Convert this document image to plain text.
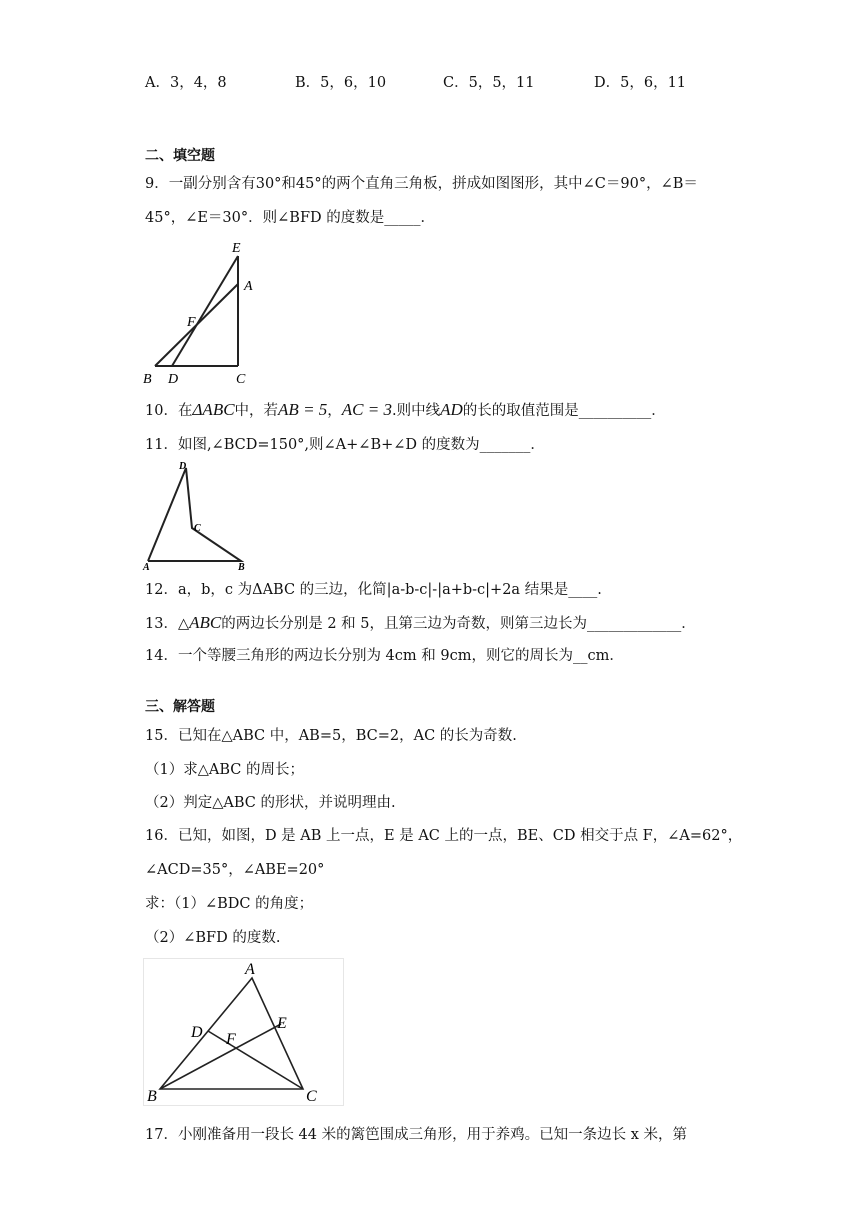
A．3，4，8	B．5，6，10	C．5，5，11	D．5，6，11
二、填空题
9．一副分别含有30°和45°的两个直角三角板，拼成如图图形，其中∠C＝90°，∠B＝
45°，∠E＝30°．则∠BFD 的度数是_____．
E
A
F
B D	C
10．在ΔABC中，若AB = 5，AC = 3.则中线AD的长的取值范围是__________．
11．如图,∠BCD=150°,则∠A+∠B+∠D 的度数为_______．
D
C
A	B
12．a，b，c 为ΔABC 的三边，化简|a-b-c|-|a+b-c|+2a 结果是____.
13．△ABC的两边长分别是 2 和 5，且第三边为奇数，则第三边长为_____________．
14．一个等腰三角形的两边长分别为 4cm 和 9cm，则它的周长为__cm．
三、解答题
15．已知在△ABC 中，AB=5，BC=2，AC 的长为奇数.
（1）求△ABC 的周长；
（2）判定△ABC 的形状，并说明理由.
16．已知，如图，D 是 AB 上一点，E 是 AC 上的一点，BE、CD 相交于点 F，∠A=62°，
∠ACD=35°，∠ABE=20°
求：（1）∠BDC 的角度；
（2）∠BFD 的度数.
A
D
E
F
B	C
17．小刚准备用一段长 44 米的篱笆围成三角形，用于养鸡。已知一条边长 x 米，第
